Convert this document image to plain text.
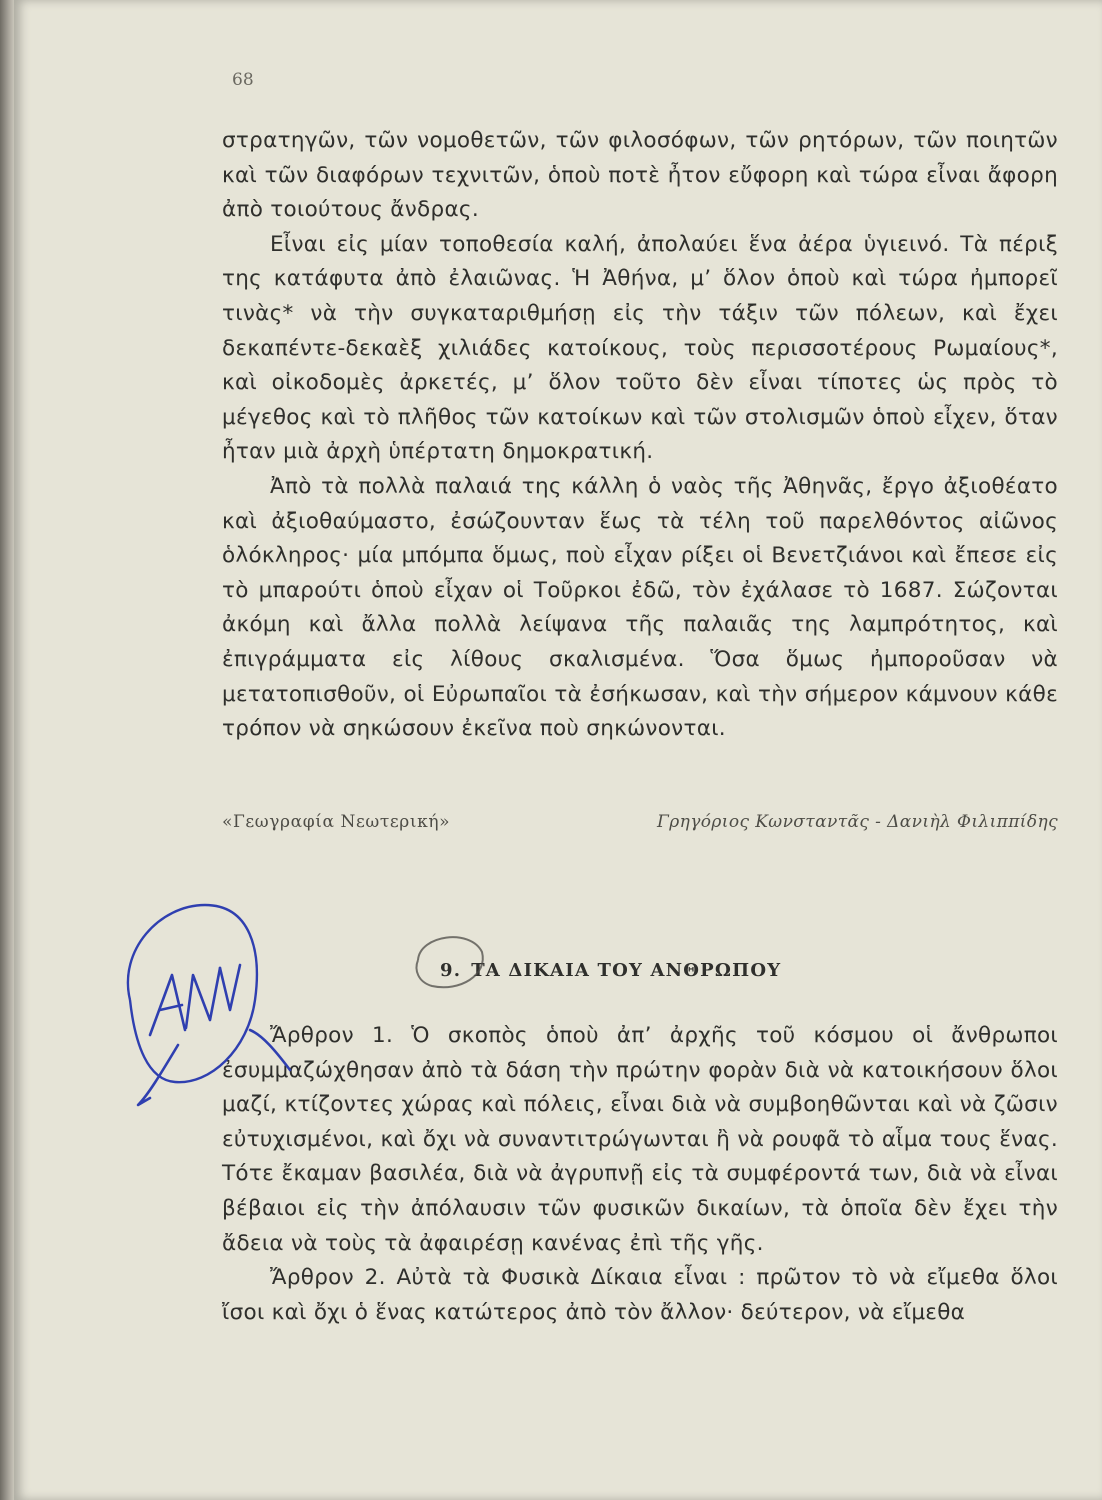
68

στρατηγῶν, τῶν νομοθετῶν, τῶν φιλοσόφων, τῶν ρητόρων, τῶν ποιητῶν καὶ τῶν διαφόρων τεχνιτῶν, ὁποὺ ποτὲ ἦτον εὔφορη καὶ τώρα εἶναι ἄφορη ἀπὸ τοιούτους ἄνδρας.

Εἶναι εἰς μίαν τοποθεσία καλή, ἀπολαύει ἕνα ἀέρα ὑγιεινό. Τὰ πέριξ της κατάφυτα ἀπὸ ἐλαιῶνας. Ἡ Ἀθήνα, μ’ ὅλον ὁποὺ καὶ τώρα ἠμπορεῖ τινὰς* νὰ τὴν συγκαταριθμήσῃ εἰς τὴν τάξιν τῶν πόλεων, καὶ ἔχει δεκαπέντε-δεκαὲξ χιλιάδες κατοίκους, τοὺς περισσοτέρους Ρωμαίους*, καὶ οἰκοδομὲς ἀρκετές, μ’ ὅλον τοῦτο δὲν εἶναι τίποτες ὡς πρὸς τὸ μέγεθος καὶ τὸ πλῆθος τῶν κατοίκων καὶ τῶν στολισμῶν ὁποὺ εἶχεν, ὅταν ἦταν μιὰ ἀρχὴ ὑπέρτατη δημοκρατική.

Ἀπὸ τὰ πολλὰ παλαιά της κάλλη ὁ ναὸς τῆς Ἀθηνᾶς, ἔργο ἀξιοθέατο καὶ ἀξιοθαύμαστο, ἐσώζουνταν ἕως τὰ τέλη τοῦ παρελθόντος αἰῶνος ὁλόκληρος· μία μπόμπα ὅμως, ποὺ εἶχαν ρίξει οἱ Βενετζιάνοι καὶ ἔπεσε εἰς τὸ μπαρούτι ὁποὺ εἶχαν οἱ Τοῦρκοι ἐδῶ, τὸν ἐχάλασε τὸ 1687. Σώζονται ἀκόμη καὶ ἄλλα πολλὰ λείψανα τῆς παλαιᾶς της λαμπρότητος, καὶ ἐπιγράμματα εἰς λίθους σκαλισμένα. Ὅσα ὅμως ἠμποροῦσαν νὰ μετατοπισθοῦν, οἱ Εὐρωπαῖοι τὰ ἐσήκωσαν, καὶ τὴν σήμερον κάμνουν κάθε τρόπον νὰ σηκώσουν ἐκεῖνα ποὺ σηκώνονται.

«Γεωγραφία Νεωτερική»	Γρηγόριος Κωνσταντᾶς - Δανιὴλ Φιλιππίδης
9. ΤΑ ΔΙΚΑΙΑ ΤΟΥ ΑΝΘΡΩΠΟΥ

Ἄρθρον 1. Ὁ σκοπὸς ὁποὺ ἀπ’ ἀρχῆς τοῦ κόσμου οἱ ἄνθρωποι ἐσυμμαζώχθησαν ἀπὸ τὰ δάση τὴν πρώτην φορὰν διὰ νὰ κατοικήσουν ὅλοι μαζί, κτίζοντες χώρας καὶ πόλεις, εἶναι διὰ νὰ συμβοηθῶνται καὶ νὰ ζῶσιν εὐτυχισμένοι, καὶ ὄχι νὰ συναντιτρώγωνται ἢ νὰ ρουφᾶ τὸ αἷμα τους ἕνας. Τότε ἔκαμαν βασιλέα, διὰ νὰ ἀγρυπνῇ εἰς τὰ συμφέροντά των, διὰ νὰ εἶναι βέβαιοι εἰς τὴν ἀπόλαυσιν τῶν φυσικῶν δικαίων, τὰ ὁποῖα δὲν ἔχει τὴν ἄδεια νὰ τοὺς τὰ ἀφαιρέσῃ κανένας ἐπὶ τῆς γῆς.

Ἄρθρον 2. Αὐτὰ τὰ Φυσικὰ Δίκαια εἶναι : πρῶτον τὸ νὰ εἴμεθα ὅλοι ἴσοι καὶ ὄχι ὁ ἕνας κατώτερος ἀπὸ τὸν ἄλλον· δεύτερον, νὰ εἴμεθα
